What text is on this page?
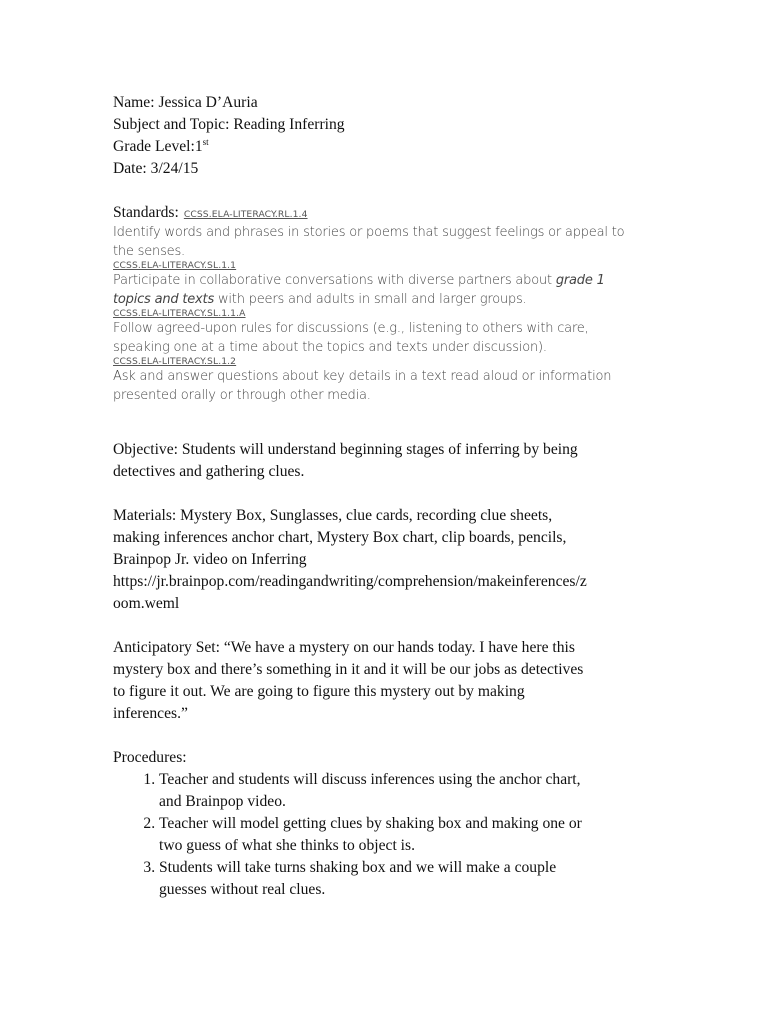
Name: Jessica D’Auria
Subject and Topic: Reading Inferring
Grade Level:1st
Date: 3/24/15
Standards: CCSS.ELA-LITERACY.RL.1.4
Identify words and phrases in stories or poems that suggest feelings or appeal to
the senses.
CCSS.ELA-LITERACY.SL.1.1
Participate in collaborative conversations with diverse partners about grade 1
topics and texts with peers and adults in small and larger groups.
CCSS.ELA-LITERACY.SL.1.1.A
Follow agreed-upon rules for discussions (e.g., listening to others with care,
speaking one at a time about the topics and texts under discussion).
CCSS.ELA-LITERACY.SL.1.2
Ask and answer questions about key details in a text read aloud or information
presented orally or through other media.
Objective: Students will understand beginning stages of inferring by being
detectives and gathering clues.
Materials: Mystery Box, Sunglasses, clue cards, recording clue sheets,
making inferences anchor chart, Mystery Box chart, clip boards, pencils,
Brainpop Jr. video on Inferring
https://jr.brainpop.com/readingandwriting/comprehension/makeinferences/z
oom.weml
Anticipatory Set: “We have a mystery on our hands today. I have here this
mystery box and there’s something in it and it will be our jobs as detectives
to figure it out. We are going to figure this mystery out by making
inferences.”
Procedures:
1. Teacher and students will discuss inferences using the anchor chart,
and Brainpop video.
2. Teacher will model getting clues by shaking box and making one or
two guess of what she thinks to object is.
3. Students will take turns shaking box and we will make a couple
guesses without real clues.
